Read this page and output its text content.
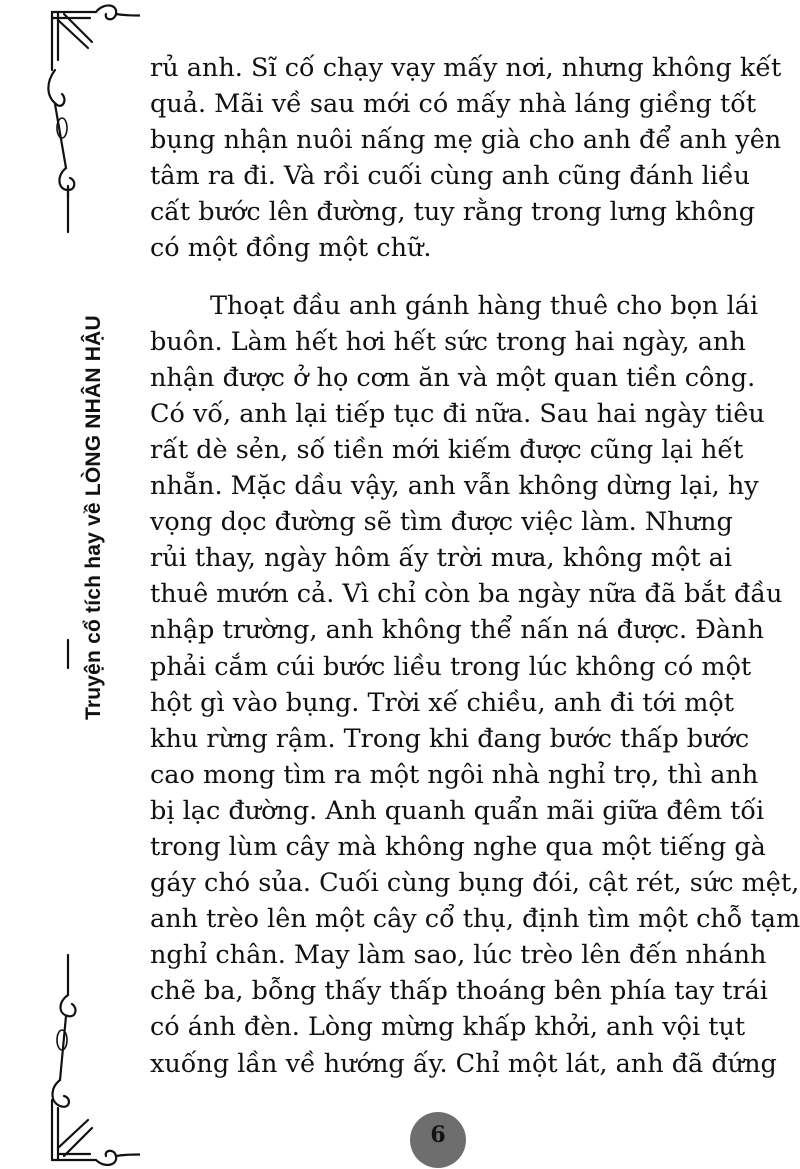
Truyện cổ tích hay về LÒNG NHÂN HẬU

rủ anh. Sĩ cố chạy vạy mấy nơi, nhưng không kết
quả. Mãi về sau mới có mấy nhà láng giềng tốt
bụng nhận nuôi nấng mẹ già cho anh để anh yên
tâm ra đi. Và rồi cuối cùng anh cũng đánh liều
cất bước lên đường, tuy rằng trong lưng không
có một đồng một chữ.

Thoạt đầu anh gánh hàng thuê cho bọn lái
buôn. Làm hết hơi hết sức trong hai ngày, anh
nhận được ở họ cơm ăn và một quan tiền công.
Có vố, anh lại tiếp tục đi nữa. Sau hai ngày tiêu
rất dè sẻn, số tiền mới kiếm được cũng lại hết
nhẵn. Mặc dầu vậy, anh vẫn không dừng lại, hy
vọng dọc đường sẽ tìm được việc làm. Nhưng
rủi thay, ngày hôm ấy trời mưa, không một ai
thuê mướn cả. Vì chỉ còn ba ngày nữa đã bắt đầu
nhập trường, anh không thể nấn ná được. Đành
phải cắm cúi bước liều trong lúc không có một
hột gì vào bụng. Trời xế chiều, anh đi tới một
khu rừng rậm. Trong khi đang bước thấp bước
cao mong tìm ra một ngôi nhà nghỉ trọ, thì anh
bị lạc đường. Anh quanh quẩn mãi giữa đêm tối
trong lùm cây mà không nghe qua một tiếng gà
gáy chó sủa. Cuối cùng bụng đói, cật rét, sức mệt,
anh trèo lên một cây cổ thụ, định tìm một chỗ tạm
nghỉ chân. May làm sao, lúc trèo lên đến nhánh
chẽ ba, bỗng thấy thấp thoáng bên phía tay trái
có ánh đèn. Lòng mừng khấp khởi, anh vội tụt
xuống lần về hướng ấy. Chỉ một lát, anh đã đứng

6
